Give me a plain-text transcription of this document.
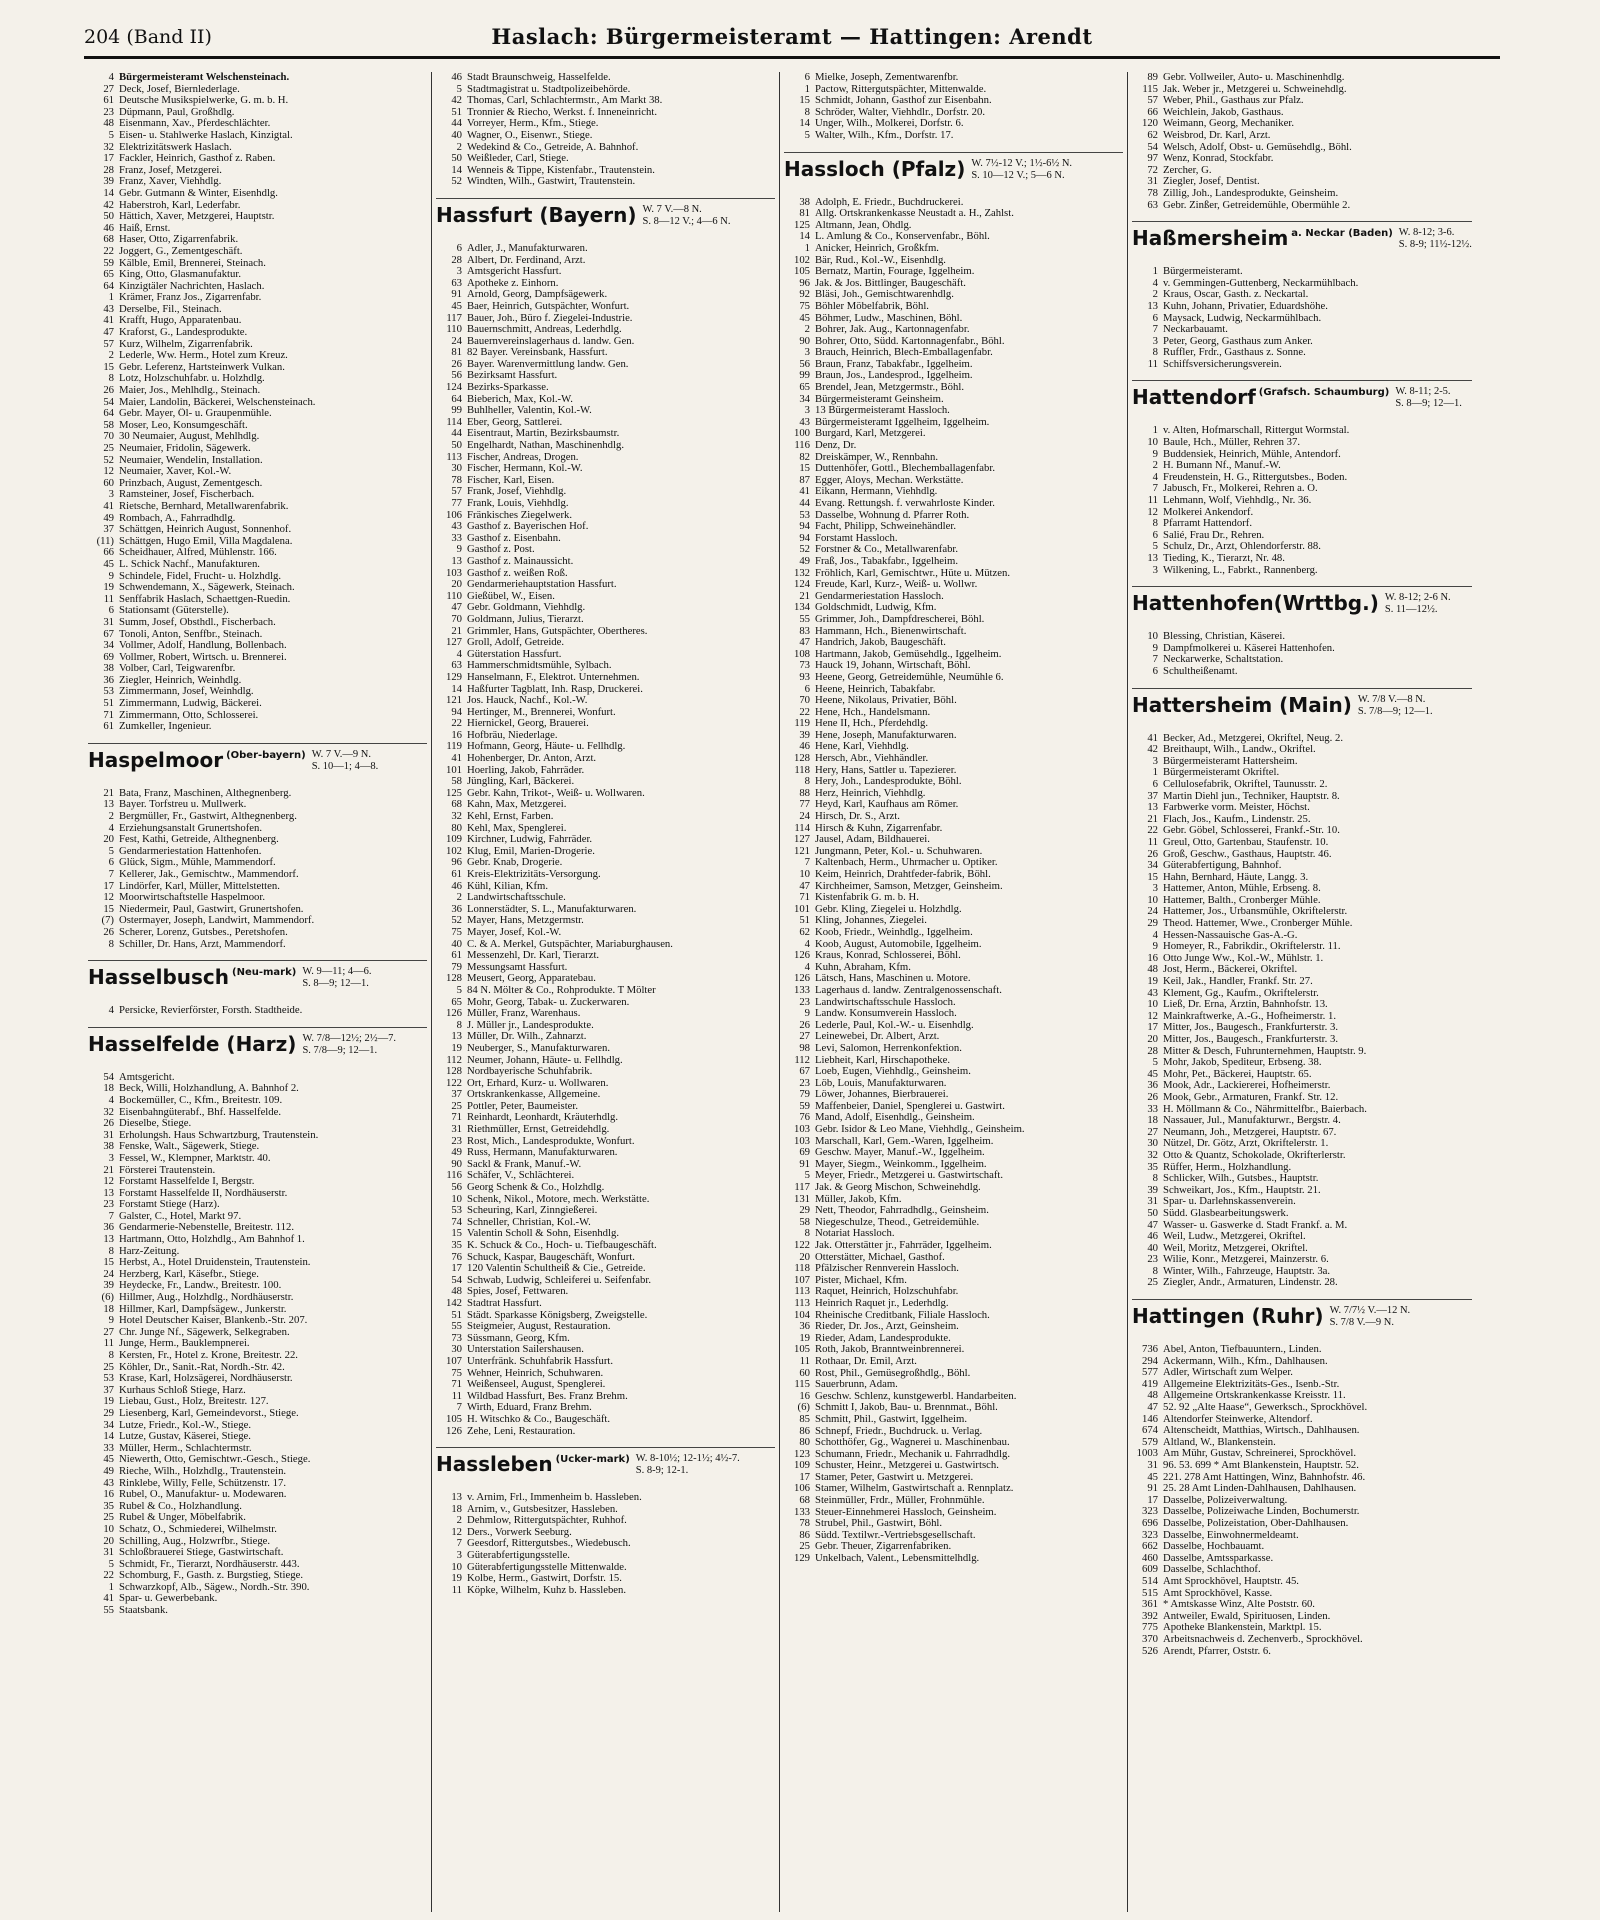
204 (Band II)	Haslach: Bürgermeisteramt — Hattingen: Arendt
4 Bürgermeisteramt Welschensteinach.
27 Deck, Josef, Biernlederlage.
61 Deutsche Musikspielwerke, G. m. b. H.
23 Düpmann, Paul, Großhdlg.
48 Eisenmann, Xav., Pferdeschlächter.
5 Eisen- u. Stahlwerke Haslach, Kinzigtal.
32 Elektrizitätswerk Haslach.
17 Fackler, Heinrich, Gasthof z. Raben.
28 Franz, Josef, Metzgerei.
39 Franz, Xaver, Viehhdlg.
14 Gebr. Gutmann & Winter, Eisenhdlg.
42 Haberstroh, Karl, Lederfabr.
50 Hättich, Xaver, Metzgerei, Hauptstr.
46 Haiß, Ernst.
68 Haser, Otto, Zigarrenfabrik.
22 Joggert, G., Zementgeschäft.
59 Kälble, Emil, Brennerei, Steinach.
65 King, Otto, Glasmanufaktur.
64 Kinzigtäler Nachrichten, Haslach.
1 Krämer, Franz Jos., Zigarrenfabr.
43 Derselbe, Fil., Steinach.
41 Krafft, Hugo, Apparatenbau.
47 Kraforst, G., Landesprodukte.
57 Kurz, Wilhelm, Zigarrenfabrik.
2 Lederle, Ww. Herm., Hotel zum Kreuz.
15 Gebr. Leferenz, Hartsteinwerk Vulkan.
8 Lotz, Holzschuhfabr. u. Holzhdlg.
26 Maier, Jos., Mehlhdlg., Steinach.
54 Maier, Landolin, Bäckerei, Welschensteinach.
64 Gebr. Mayer, Öl- u. Graupenmühle.
58 Moser, Leo, Konsumgeschäft.
70 30 Neumaier, August, Mehlhdlg.
25 Neumaier, Fridolin, Sägewerk.
52 Neumaier, Wendelin, Installation.
12 Neumaier, Xaver, Kol.-W.
60 Prinzbach, August, Zementgesch.
3 Ramsteiner, Josef, Fischerbach.
41 Rietsche, Bernhard, Metallwarenfabrik.
49 Rombach, A., Fahrradhdlg.
37 Schättgen, Heinrich August, Sonnenhof.
(11) Schättgen, Hugo Emil, Villa Magdalena.
66 Scheidhauer, Alfred, Mühlenstr. 166.
45 L. Schick Nachf., Manufakturen.
9 Schindele, Fidel, Frucht- u. Holzhdlg.
19 Schwendemann, X., Sägewerk, Steinach.
11 Senffabrik Haslach, Schaettgen-Ruedin.
6 Stationsamt (Güterstelle).
31 Summ, Josef, Obsthdl., Fischerbach.
67 Tonoli, Anton, Senffbr., Steinach.
34 Vollmer, Adolf, Handlung, Bollenbach.
69 Vollmer, Robert, Wirtsch. u. Brennerei.
38 Volber, Carl, Teigwarenfbr.
36 Ziegler, Heinrich, Weinhdlg.
53 Zimmermann, Josef, Weinhdlg.
51 Zimmermann, Ludwig, Bäckerei.
71 Zimmermann, Otto, Schlosserei.
61 Zumkeller, Ingenieur.
Haspelmoor (Ober-bayern) W. 7 V.—9 N.
S. 10—1; 4—8.
21 Bata, Franz, Maschinen, Althegnenberg.
13 Bayer. Torfstreu u. Mullwerk.
2 Bergmüller, Fr., Gastwirt, Althegnenberg.
4 Erziehungsanstalt Grunertshofen.
20 Fest, Kathi, Getreide, Althegnenberg.
5 Gendarmeriestation Hattenhofen.
6 Glück, Sigm., Mühle, Mammendorf.
7 Kellerer, Jak., Gemischtw., Mammendorf.
17 Lindörfer, Karl, Müller, Mittelstetten.
12 Moorwirtschaftstelle Haspelmoor.
15 Niedermeir, Paul, Gastwirt, Grunertshofen.
(7) Ostermayer, Joseph, Landwirt, Mammendorf.
26 Scherer, Lorenz, Gutsbes., Peretshofen.
8 Schiller, Dr. Hans, Arzt, Mammendorf.
Hasselbusch (Neu-mark) W. 9—11; 4—6.
S. 8—9; 12—1.
4 Persicke, Revierförster, Forsth. Stadtheide.
Hasselfelde (Harz) W. 7/8—12½; 2½—7.
S. 7/8—9; 12—1.
54 Amtsgericht.
18 Beck, Willi, Holzhandlung, A. Bahnhof 2.
4 Bockemüller, C., Kfm., Breitestr. 109.
32 Eisenbahngüterabf., Bhf. Hasselfelde.
26 Dieselbe, Stiege.
31 Erholungsh. Haus Schwartzburg, Trautenstein.
38 Fenske, Walt., Sägewerk, Stiege.
3 Fessel, W., Klempner, Marktstr. 40.
21 Försterei Trautenstein.
12 Forstamt Hasselfelde I, Bergstr.
13 Forstamt Hasselfelde II, Nordhäuserstr.
23 Forstamt Stiege (Harz).
7 Galster, C., Hotel, Markt 97.
36 Gendarmerie-Nebenstelle, Breitestr. 112.
13 Hartmann, Otto, Holzhdlg., Am Bahnhof 1.
8 Harz-Zeitung.
15 Herbst, A., Hotel Druidenstein, Trautenstein.
24 Herzberg, Karl, Käsefbr., Stiege.
39 Heydecke, Fr., Landw., Breitestr. 100.
(6) Hillmer, Aug., Holzhdlg., Nordhäuserstr.
18 Hillmer, Karl, Dampfsägew., Junkerstr.
9 Hotel Deutscher Kaiser, Blankenb.-Str. 207.
27 Chr. Junge Nf., Sägewerk, Selkegraben.
11 Junge, Herm., Bauklempnerei.
8 Kersten, Fr., Hotel z. Krone, Breitestr. 22.
25 Köhler, Dr., Sanit.-Rat, Nordh.-Str. 42.
53 Krase, Karl, Holzsägerei, Nordhäuserstr.
37 Kurhaus Schloß Stiege, Harz.
19 Liebau, Gust., Holz, Breitestr. 127.
29 Liesenberg, Karl, Gemeindevorst., Stiege.
34 Lutze, Friedr., Kol.-W., Stiege.
14 Lutze, Gustav, Käserei, Stiege.
33 Müller, Herm., Schlachtermstr.
45 Niewerth, Otto, Gemischtwr.-Gesch., Stiege.
49 Rieche, Wilh., Holzhdlg., Trautenstein.
43 Rinklebe, Willy, Felle, Schützenstr. 17.
16 Rubel, O., Manufaktur- u. Modewaren.
35 Rubel & Co., Holzhandlung.
25 Rubel & Unger, Möbelfabrik.
10 Schatz, O., Schmiederei, Wilhelmstr.
20 Schilling, Aug., Holzwrfbr., Stiege.
31 Schloßbrauerei Stiege, Gastwirtschaft.
5 Schmidt, Fr., Tierarzt, Nordhäuserstr. 443.
22 Schomburg, F., Gasth. z. Burgstieg, Stiege.
1 Schwarzkopf, Alb., Sägew., Nordh.-Str. 390.
41 Spar- u. Gewerbebank.
55 Staatsbank.
46 Stadt Braunschweig, Hasselfelde.
5 Stadtmagistrat u. Stadtpolizeibehörde.
42 Thomas, Carl, Schlachtermstr., Am Markt 38.
51 Tronnier & Riecho, Werkst. f. Inneneinricht.
44 Vorreyer, Herm., Kfm., Stiege.
40 Wagner, O., Eisenwr., Stiege.
2 Wedekind & Co., Getreide, A. Bahnhof.
50 Weißleder, Carl, Stiege.
14 Wenneis & Tippe, Kistenfabr., Trautenstein.
52 Windten, Wilh., Gastwirt, Trautenstein.
Hassfurt (Bayern) W. 7 V.—8 N.
S. 8—12 V.; 4—6 N.
6 Adler, J., Manufakturwaren.
28 Albert, Dr. Ferdinand, Arzt.
3 Amtsgericht Hassfurt.
63 Apotheke z. Einhorn.
91 Arnold, Georg, Dampfsägewerk.
45 Baer, Heinrich, Gutspächter, Wonfurt.
117 Bauer, Joh., Büro f. Ziegelei-Industrie.
110 Bauernschmitt, Andreas, Lederhdlg.
24 Bauernvereinslagerhaus d. landw. Gen.
81 82 Bayer. Vereinsbank, Hassfurt.
26 Bayer. Warenvermittlung landw. Gen.
56 Bezirksamt Hassfurt.
124 Bezirks-Sparkasse.
64 Bieberich, Max, Kol.-W.
99 Buhlheller, Valentin, Kol.-W.
114 Eber, Georg, Sattlerei.
44 Eisentraut, Martin, Bezirksbaumstr.
50 Engelhardt, Nathan, Maschinenhdlg.
113 Fischer, Andreas, Drogen.
30 Fischer, Hermann, Kol.-W.
78 Fischer, Karl, Eisen.
57 Frank, Josef, Viehhdlg.
77 Frank, Louis, Viehhdlg.
106 Fränkisches Ziegelwerk.
43 Gasthof z. Bayerischen Hof.
33 Gasthof z. Eisenbahn.
9 Gasthof z. Post.
13 Gasthof z. Mainaussicht.
103 Gasthof z. weißen Roß.
20 Gendarmeriehauptstation Hassfurt.
110 Gießübel, W., Eisen.
47 Gebr. Goldmann, Viehhdlg.
70 Goldmann, Julius, Tierarzt.
21 Grimmler, Hans, Gutspächter, Obertheres.
127 Groll, Adolf, Getreide.
4 Güterstation Hassfurt.
63 Hammerschmidtsmühle, Sylbach.
129 Hanselmann, F., Elektrot. Unternehmen.
14 Haßfurter Tagblatt, Inh. Rasp, Druckerei.
121 Jos. Hauck, Nachf., Kol.-W.
94 Hertinger, M., Brennerei, Wonfurt.
22 Hiernickel, Georg, Brauerei.
16 Hofbräu, Niederlage.
119 Hofmann, Georg, Häute- u. Fellhdlg.
41 Hohenberger, Dr. Anton, Arzt.
101 Hoerling, Jakob, Fahrräder.
58 Jüngling, Karl, Bäckerei.
125 Gebr. Kahn, Trikot-, Weiß- u. Wollwaren.
68 Kahn, Max, Metzgerei.
32 Kehl, Ernst, Farben.
80 Kehl, Max, Spenglerei.
109 Kirchner, Ludwig, Fahrräder.
102 Klug, Emil, Marien-Drogerie.
96 Gebr. Knab, Drogerie.
61 Kreis-Elektrizitäts-Versorgung.
46 Kühl, Kilian, Kfm.
2 Landwirtschaftsschule.
36 Lonnerstädter, S. L., Manufakturwaren.
52 Mayer, Hans, Metzgermstr.
75 Mayer, Josef, Kol.-W.
40 C. & A. Merkel, Gutspächter, Mariaburghausen.
61 Messenzehl, Dr. Karl, Tierarzt.
79 Messungsamt Hassfurt.
128 Meusert, Georg, Apparatebau.
5 84 N. Mölter & Co., Rohprodukte. T Mölter
65 Mohr, Georg, Tabak- u. Zuckerwaren.
126 Müller, Franz, Warenhaus.
8 J. Müller jr., Landesprodukte.
13 Müller, Dr. Wilh., Zahnarzt.
19 Neuberger, S., Manufakturwaren.
112 Neumer, Johann, Häute- u. Fellhdlg.
128 Nordbayerische Schuhfabrik.
122 Ort, Erhard, Kurz- u. Wollwaren.
37 Ortskrankenkasse, Allgemeine.
25 Pottler, Peter, Baumeister.
71 Reinhardt, Leonhardt, Kräuterhdlg.
31 Riethmüller, Ernst, Getreidehdlg.
23 Rost, Mich., Landesprodukte, Wonfurt.
49 Russ, Hermann, Manufakturwaren.
90 Sackl & Frank, Manuf.-W.
116 Schäfer, V., Schlächterei.
56 Georg Schenk & Co., Holzhdlg.
10 Schenk, Nikol., Motore, mech. Werkstätte.
53 Scheuring, Karl, Zinngießerei.
74 Schneller, Christian, Kol.-W.
15 Valentin Scholl & Sohn, Eisenhdlg.
35 K. Schuck & Co., Hoch- u. Tiefbaugeschäft.
76 Schuck, Kaspar, Baugeschäft, Wonfurt.
17 120 Valentin Schultheiß & Cie., Getreide.
54 Schwab, Ludwig, Schleiferei u. Seifenfabr.
48 Spies, Josef, Fettwaren.
142 Stadtrat Hassfurt.
51 Städt. Sparkasse Königsberg, Zweigstelle.
55 Steigmeier, August, Restauration.
73 Süssmann, Georg, Kfm.
30 Unterstation Sailershausen.
107 Unterfränk. Schuhfabrik Hassfurt.
75 Wehner, Heinrich, Schuhwaren.
71 Weißenseel, August, Spenglerei.
11 Wildbad Hassfurt, Bes. Franz Brehm.
7 Wirth, Eduard, Franz Brehm.
105 H. Witschko & Co., Baugeschäft.
126 Zehe, Leni, Restauration.
Hassleben (Ucker-mark) W. 8-10½; 12-1½; 4½-7.
S. 8-9; 12-1.
13 v. Arnim, Frl., Immenheim b. Hassleben.
18 Arnim, v., Gutsbesitzer, Hassleben.
2 Dehmlow, Rittergutspächter, Ruhhof.
12 Ders., Vorwerk Seeburg.
7 Geesdorf, Rittergutsbes., Wiedebusch.
3 Güterabfertigungsstelle.
10 Güterabfertigungsstelle Mittenwalde.
19 Kolbe, Herm., Gastwirt, Dorfstr. 15.
11 Köpke, Wilhelm, Kuhz b. Hassleben.
6 Mielke, Joseph, Zementwarenfbr.
1 Pactow, Rittergutspächter, Mittenwalde.
15 Schmidt, Johann, Gasthof zur Eisenbahn.
8 Schröder, Walter, Viehhdlr., Dorfstr. 20.
14 Unger, Wilh., Molkerei, Dorfstr. 6.
5 Walter, Wilh., Kfm., Dorfstr. 17.
Hassloch (Pfalz) W. 7½-12 V.; 1½-6½ N.
S. 10—12 V.; 5—6 N.
38 Adolph, E. Friedr., Buchdruckerei.
81 Allg. Ortskrankenkasse Neustadt a. H., Zahlst.
125 Altmann, Jean, Öhdlg.
14 L. Amlung & Co., Konservenfabr., Böhl.
1 Anicker, Heinrich, Großkfm.
102 Bär, Rud., Kol.-W., Eisenhdlg.
105 Bernatz, Martin, Fourage, Iggelheim.
96 Jak. & Jos. Bittlinger, Baugeschäft.
92 Bläsi, Joh., Gemischtwarenhdlg.
75 Böhler Möbelfabrik, Böhl.
45 Böhmer, Ludw., Maschinen, Böhl.
2 Bohrer, Jak. Aug., Kartonnagenfabr.
90 Bohrer, Otto, Südd. Kartonnagenfabr., Böhl.
3 Brauch, Heinrich, Blech-Emballagenfabr.
56 Braun, Franz, Tabakfabr., Iggelheim.
99 Braun, Jos., Landesprod., Iggelheim.
65 Brendel, Jean, Metzgermstr., Böhl.
34 Bürgermeisteramt Geinsheim.
3 13 Bürgermeisteramt Hassloch.
43 Bürgermeisteramt Iggelheim, Iggelheim.
100 Burgard, Karl, Metzgerei.
116 Denz, Dr.
82 Dreiskämper, W., Rennbahn.
15 Duttenhöfer, Gottl., Blechemballagenfabr.
87 Egger, Aloys, Mechan. Werkstätte.
41 Eikann, Hermann, Viehhdlg.
44 Evang. Rettungsh. f. verwahrloste Kinder.
53 Dasselbe, Wohnung d. Pfarrer Roth.
94 Facht, Philipp, Schweinehändler.
94 Forstamt Hassloch.
52 Forstner & Co., Metallwarenfabr.
49 Fraß, Jos., Tabakfabr., Iggelheim.
132 Fröhlich, Karl, Gemischtwr., Hüte u. Mützen.
124 Freude, Karl, Kurz-, Weiß- u. Wollwr.
21 Gendarmeriestation Hassloch.
134 Goldschmidt, Ludwig, Kfm.
55 Grimmer, Joh., Dampfdrescherei, Böhl.
83 Hammann, Hch., Bienenwirtschaft.
47 Handrich, Jakob, Baugeschäft.
108 Hartmann, Jakob, Gemüsehdlg., Iggelheim.
73 Hauck 19, Johann, Wirtschaft, Böhl.
93 Heene, Georg, Getreidemühle, Neumühle 6.
6 Heene, Heinrich, Tabakfabr.
70 Heene, Nikolaus, Privatier, Böhl.
22 Hene, Hch., Handelsmann.
119 Hene II, Hch., Pferdehdlg.
39 Hene, Joseph, Manufakturwaren.
46 Hene, Karl, Viehhdlg.
128 Hersch, Abr., Viehhändler.
118 Hery, Hans, Sattler u. Tapezierer.
8 Hery, Joh., Landesprodukte, Böhl.
88 Herz, Heinrich, Viehhdlg.
77 Heyd, Karl, Kaufhaus am Römer.
24 Hirsch, Dr. S., Arzt.
114 Hirsch & Kuhn, Zigarrenfabr.
127 Jausel, Adam, Bildhauerei.
121 Jungmann, Peter, Kol.- u. Schuhwaren.
7 Kaltenbach, Herm., Uhrmacher u. Optiker.
10 Keim, Heinrich, Drahtfeder-fabrik, Böhl.
47 Kirchheimer, Samson, Metzger, Geinsheim.
71 Kistenfabrik G. m. b. H.
101 Gebr. Kling, Ziegelei u. Holzhdlg.
51 Kling, Johannes, Ziegelei.
62 Koob, Friedr., Weinhdlg., Iggelheim.
4 Koob, August, Automobile, Iggelheim.
126 Kraus, Konrad, Schlosserei, Böhl.
4 Kuhn, Abraham, Kfm.
126 Lätsch, Hans, Maschinen u. Motore.
133 Lagerhaus d. landw. Zentralgenossenschaft.
23 Landwirtschaftsschule Hassloch.
9 Landw. Konsumverein Hassloch.
26 Lederle, Paul, Kol.-W.- u. Eisenhdlg.
27 Leinewebei, Dr. Albert, Arzt.
98 Levi, Salomon, Herrenkonfektion.
112 Liebheit, Karl, Hirschapotheke.
67 Loeb, Eugen, Viehhdlg., Geinsheim.
23 Löb, Louis, Manufakturwaren.
79 Löwer, Johannes, Bierbrauerei.
59 Maffenbeier, Daniel, Spenglerei u. Gastwirt.
76 Mand, Adolf, Eisenhdlg., Geinsheim.
103 Gebr. Isidor & Leo Mane, Viehhdlg., Geinsheim.
103 Marschall, Karl, Gem.-Waren, Iggelheim.
69 Geschw. Mayer, Manuf.-W., Iggelheim.
91 Mayer, Siegm., Weinkomm., Iggelheim.
5 Meyer, Friedr., Metzgerei u. Gastwirtschaft.
117 Jak. & Georg Mischon, Schweinehdlg.
131 Müller, Jakob, Kfm.
29 Nett, Theodor, Fahrradhdlg., Geinsheim.
58 Niegeschulze, Theod., Getreidemühle.
8 Notariat Hassloch.
122 Jak. Otterstätter jr., Fahrräder, Iggelheim.
20 Otterstätter, Michael, Gasthof.
118 Pfälzischer Rennverein Hassloch.
107 Pister, Michael, Kfm.
113 Raquet, Heinrich, Holzschuhfabr.
113 Heinrich Raquet jr., Lederhdlg.
104 Rheinische Creditbank, Filiale Hassloch.
36 Rieder, Dr. Jos., Arzt, Geinsheim.
19 Rieder, Adam, Landesprodukte.
105 Roth, Jakob, Branntweinbrennerei.
11 Rothaar, Dr. Emil, Arzt.
60 Rost, Phil., Gemüsegroßhdlg., Böhl.
115 Sauerbrunn, Adam.
16 Geschw. Schlenz, kunstgewerbl. Handarbeiten.
(6) Schmitt I, Jakob, Bau- u. Brennmat., Böhl.
85 Schmitt, Phil., Gastwirt, Iggelheim.
86 Schnepf, Friedr., Buchdruck. u. Verlag.
80 Schotthöfer, Gg., Wagnerei u. Maschinenbau.
123 Schumann, Friedr., Mechanik u. Fahrradhdlg.
109 Schuster, Heinr., Metzgerei u. Gastwirtsch.
17 Stamer, Peter, Gastwirt u. Metzgerei.
106 Stamer, Wilhelm, Gastwirtschaft a. Rennplatz.
68 Steinmüller, Frdr., Müller, Frohnmühle.
133 Steuer-Einnehmerei Hassloch, Geinsheim.
78 Strubel, Phil., Gastwirt, Böhl.
86 Südd. Textilwr.-Vertriebsgesellschaft.
25 Gebr. Theuer, Zigarrenfabriken.
129 Unkelbach, Valent., Lebensmittelhdlg.
89 Gebr. Vollweiler, Auto- u. Maschinenhdlg.
115 Jak. Weber jr., Metzgerei u. Schweinehdlg.
57 Weber, Phil., Gasthaus zur Pfalz.
66 Weichlein, Jakob, Gasthaus.
120 Weimann, Georg, Mechaniker.
62 Weisbrod, Dr. Karl, Arzt.
54 Welsch, Adolf, Obst- u. Gemüsehdlg., Böhl.
97 Wenz, Konrad, Stockfabr.
72 Zercher, G.
31 Ziegler, Josef, Dentist.
78 Zillig, Joh., Landesprodukte, Geinsheim.
63 Gebr. Zinßer, Getreidemühle, Obermühle 2.
Haßmersheim a. Neckar (Baden) W. 8-12; 3-6.
S. 8-9; 11½-12½.
1 Bürgermeisteramt.
4 v. Gemmingen-Guttenberg, Neckarmühlbach.
2 Kraus, Oscar, Gasth. z. Neckartal.
13 Kuhn, Johann, Privatier, Eduardshöhe.
6 Maysack, Ludwig, Neckarmühlbach.
7 Neckarbauamt.
3 Peter, Georg, Gasthaus zum Anker.
8 Ruffler, Frdr., Gasthaus z. Sonne.
11 Schiffsversicherungsverein.
Hattendorf (Grafsch. Schaumburg) W. 8-11; 2-5.
S. 8—9; 12—1.
1 v. Alten, Hofmarschall, Rittergut Wormstal.
10 Baule, Hch., Müller, Rehren 37.
9 Buddensiek, Heinrich, Mühle, Antendorf.
2 H. Bumann Nf., Manuf.-W.
4 Freudenstein, H. G., Rittergutsbes., Boden.
7 Jabusch, Fr., Molkerei, Rehren a. O.
11 Lehmann, Wolf, Viehhdlg., Nr. 36.
12 Molkerei Ankendorf.
8 Pfarramt Hattendorf.
6 Salié, Frau Dr., Rehren.
5 Schulz, Dr., Arzt, Ohlendorferstr. 88.
13 Tieding, K., Tierarzt, Nr. 48.
3 Wilkening, L., Fabrkt., Rannenberg.
Hattenhofen(Wrttbg.) W. 8-12; 2-6 N.
S. 11—12½.
10 Blessing, Christian, Käserei.
9 Dampfmolkerei u. Käserei Hattenhofen.
7 Neckarwerke, Schaltstation.
6 Schultheißenamt.
Hattersheim (Main) W. 7/8 V.—8 N.
S. 7/8—9; 12—1.
41 Becker, Ad., Metzgerei, Okriftel, Neug. 2.
42 Breithaupt, Wilh., Landw., Okriftel.
3 Bürgermeisteramt Hattersheim.
1 Bürgermeisteramt Okriftel.
6 Cellulosefabrik, Okriftel, Taunusstr. 2.
37 Martin Diehl jun., Techniker, Hauptstr. 8.
13 Farbwerke vorm. Meister, Höchst.
21 Flach, Jos., Kaufm., Lindenstr. 25.
22 Gebr. Göbel, Schlosserei, Frankf.-Str. 10.
11 Greul, Otto, Gartenbau, Staufenstr. 10.
26 Groß, Geschw., Gasthaus, Hauptstr. 46.
34 Güterabfertigung, Bahnhof.
15 Hahn, Bernhard, Häute, Langg. 3.
3 Hattemer, Anton, Mühle, Erbseng. 8.
10 Hattemer, Balth., Cronberger Mühle.
24 Hattemer, Jos., Urbansmühle, Okriftelerstr.
29 Theod. Hattemer, Wwe., Cronberger Mühle.
4 Hessen-Nassauische Gas-A.-G.
9 Homeyer, R., Fabrikdir., Okriftelerstr. 11.
16 Otto Junge Ww., Kol.-W., Mühlstr. 1.
48 Jost, Herm., Bäckerei, Okriftel.
19 Keil, Jak., Handler, Frankf. Str. 27.
43 Klement, Gg., Kaufm., Okriftelerstr.
10 Ließ, Dr. Erna, Ärztin, Bahnhofstr. 13.
12 Mainkraftwerke, A.-G., Hofheimerstr. 1.
17 Mitter, Jos., Baugesch., Frankfurterstr. 3.
20 Mitter, Jos., Baugesch., Frankfurterstr. 3.
28 Mitter & Desch, Fuhrunternehmen, Hauptstr. 9.
5 Mohr, Jakob, Spediteur, Erbseng. 38.
45 Mohr, Pet., Bäckerei, Hauptstr. 65.
36 Mook, Adr., Lackiererei, Hofheimerstr.
26 Mook, Gebr., Armaturen, Frankf. Str. 12.
33 H. Möllmann & Co., Nährmittelfbr., Baierbach.
18 Nassauer, Jul., Manufakturwr., Bergstr. 4.
27 Neumann, Joh., Metzgerei, Hauptstr. 67.
30 Nützel, Dr. Götz, Arzt, Okriftelerstr. 1.
32 Otto & Quantz, Schokolade, Okrifterlerstr.
35 Rüffer, Herm., Holzhandlung.
8 Schlicker, Wilh., Gutsbes., Hauptstr.
39 Schweikart, Jos., Kfm., Hauptstr. 21.
31 Spar- u. Darlehnskassenverein.
50 Südd. Glasbearbeitungswerk.
47 Wasser- u. Gaswerke d. Stadt Frankf. a. M.
46 Weil, Ludw., Metzgerei, Okriftel.
40 Weil, Moritz, Metzgerei, Okriftel.
23 Wilie, Konr., Metzgerei, Mainzerstr. 6.
8 Winter, Wilh., Fahrzeuge, Hauptstr. 3a.
25 Ziegler, Andr., Armaturen, Lindenstr. 28.
Hattingen (Ruhr) W. 7/7½ V.—12 N.
S. 7/8 V.—9 N.
736 Abel, Anton, Tiefbauuntern., Linden.
294 Ackermann, Wilh., Kfm., Dahlhausen.
577 Adler, Wirtschaft zum Welper.
419 Allgemeine Elektrizitäts-Ges., Isenb.-Str.
48 Allgemeine Ortskrankenkasse Kreisstr. 11.
47 52. 92 „Alte Haase“, Gewerksch., Sprockhövel.
146 Altendorfer Steinwerke, Altendorf.
674 Altenscheidt, Matthias, Wirtsch., Dahlhausen.
579 Altland, W., Blankenstein.
1003 Am Mühr, Gustav, Schreinerei, Sprockhövel.
31 96. 53. 699 * Amt Blankenstein, Hauptstr. 52.
45 221. 278 Amt Hattingen, Winz, Bahnhofstr. 46.
91 25. 28 Amt Linden-Dahlhausen, Dahlhausen.
17 Dasselbe, Polizeiverwaltung.
323 Dasselbe, Polizeiwache Linden, Bochumerstr.
696 Dasselbe, Polizeistation, Ober-Dahlhausen.
323 Dasselbe, Einwohnermeldeamt.
662 Dasselbe, Hochbauamt.
460 Dasselbe, Amtssparkasse.
609 Dasselbe, Schlachthof.
514 Amt Sprockhövel, Hauptstr. 45.
515 Amt Sprockhövel, Kasse.
361 * Amtskasse Winz, Alte Poststr. 60.
392 Antweiler, Ewald, Spirituosen, Linden.
775 Apotheke Blankenstein, Marktpl. 15.
370 Arbeitsnachweis d. Zechenverb., Sprockhövel.
526 Arendt, Pfarrer, Oststr. 6.
